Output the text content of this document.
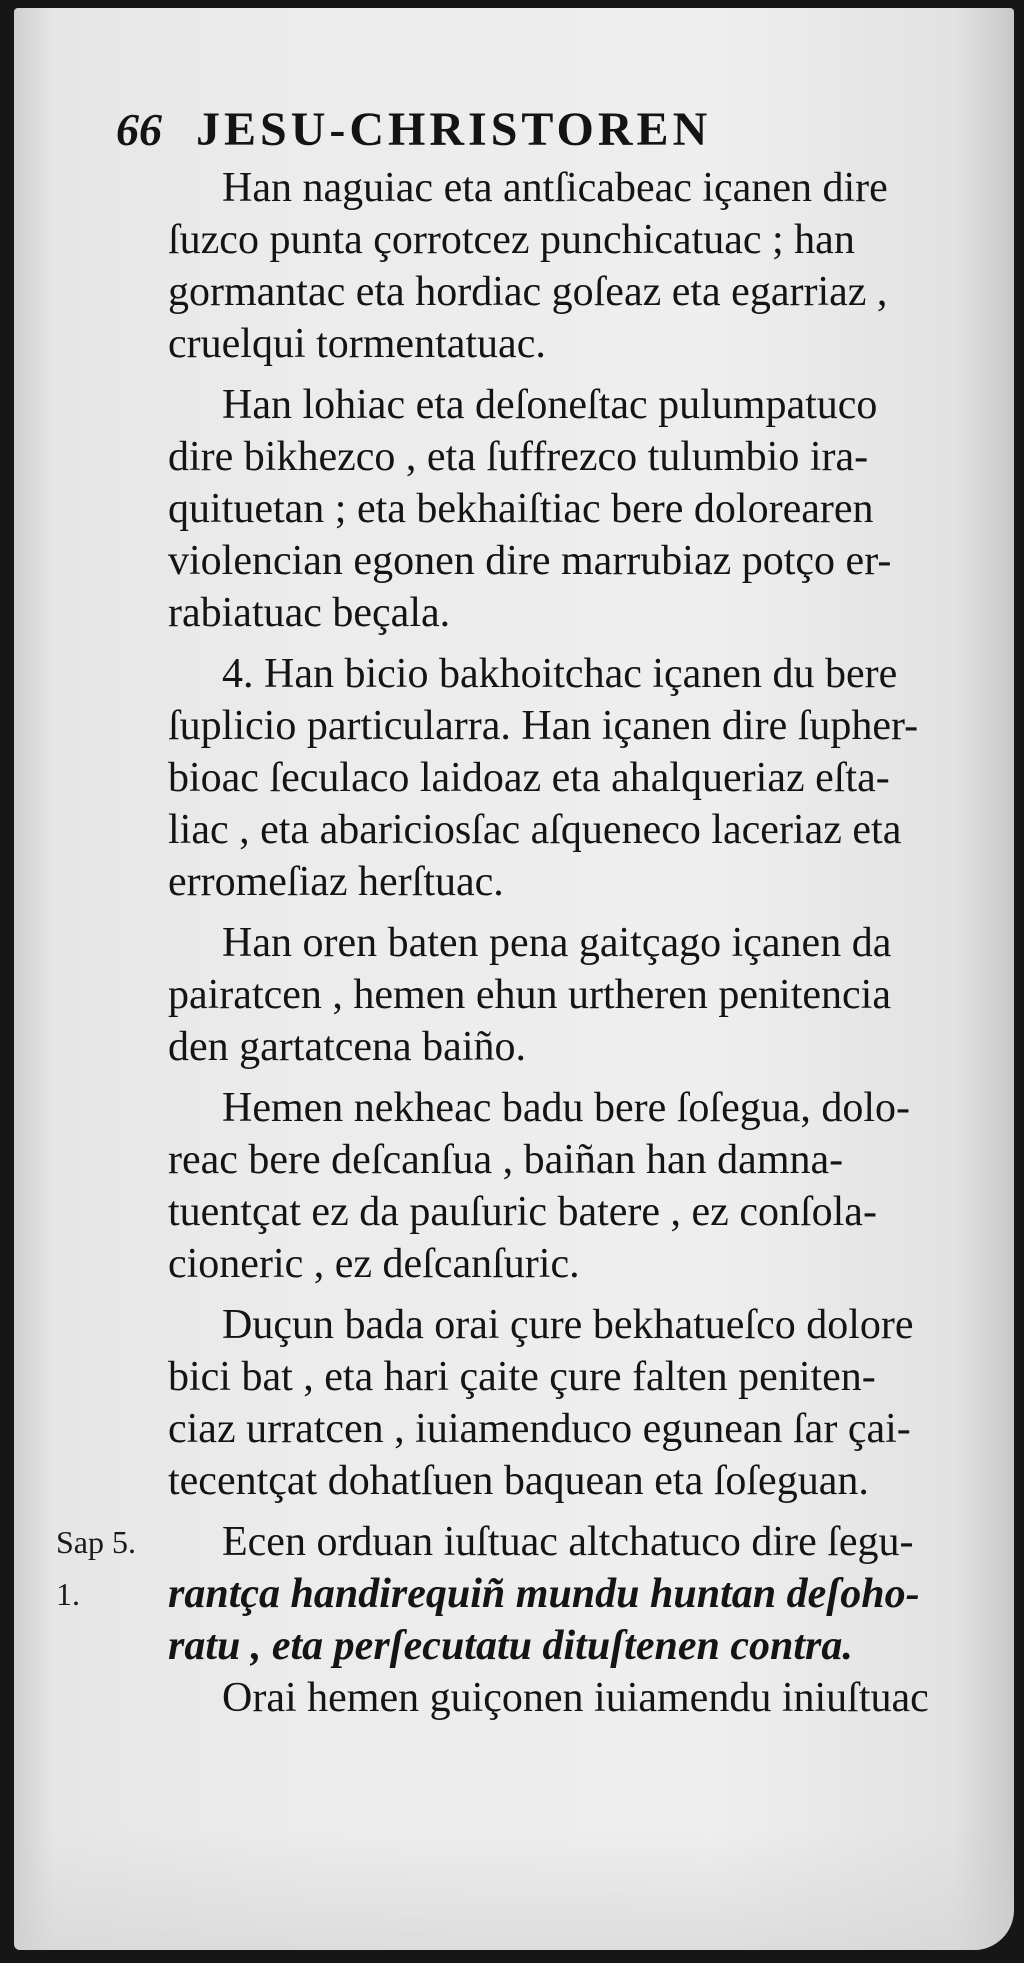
66 JESU-CHRISTOREN
Han naguiac eta antſicabeac içanen dire
ſuzco punta çorrotcez punchicatuac ; han
gormantac eta hordiac goſeaz eta egarriaz ,
cruelqui tormentatuac.
Han lohiac eta deſoneſtac pulumpatuco
dire bikhezco , eta ſuffrezco tulumbio ira-
quituetan ; eta bekhaiſtiac bere dolorearen
violencian egonen dire marrubiaz potço er-
rabiatuac beçala.
4. Han bicio bakhoitchac içanen du bere
ſuplicio particularra. Han içanen dire ſupher-
bioac ſeculaco laidoaz eta ahalqueriaz eſta-
liac , eta abariciosſac aſqueneco laceriaz eta
erromeſiaz herſtuac.
Han oren baten pena gaitçago içanen da
pairatcen , hemen ehun urtheren penitencia
den gartatcena baiño.
Hemen nekheac badu bere ſoſegua, dolo-
reac bere deſcanſua , baiñan han damna-
tuentçat ez da pauſuric batere , ez conſola-
cioneric , ez deſcanſuric.
Duçun bada orai çure bekhatueſco dolore
bici bat , eta hari çaite çure falten peniten-
ciaz urratcen , iuiamenduco egunean ſar çai-
tecentçat dohatſuen baquean eta ſoſeguan.
Sap 5.
1.
Ecen orduan iuſtuac altchatuco dire ſegu-
rantça handirequiñ mundu huntan deſoho-
ratu , eta perſecutatu dituſtenen contra.
Orai hemen guiçonen iuiamendu iniuſtuac
